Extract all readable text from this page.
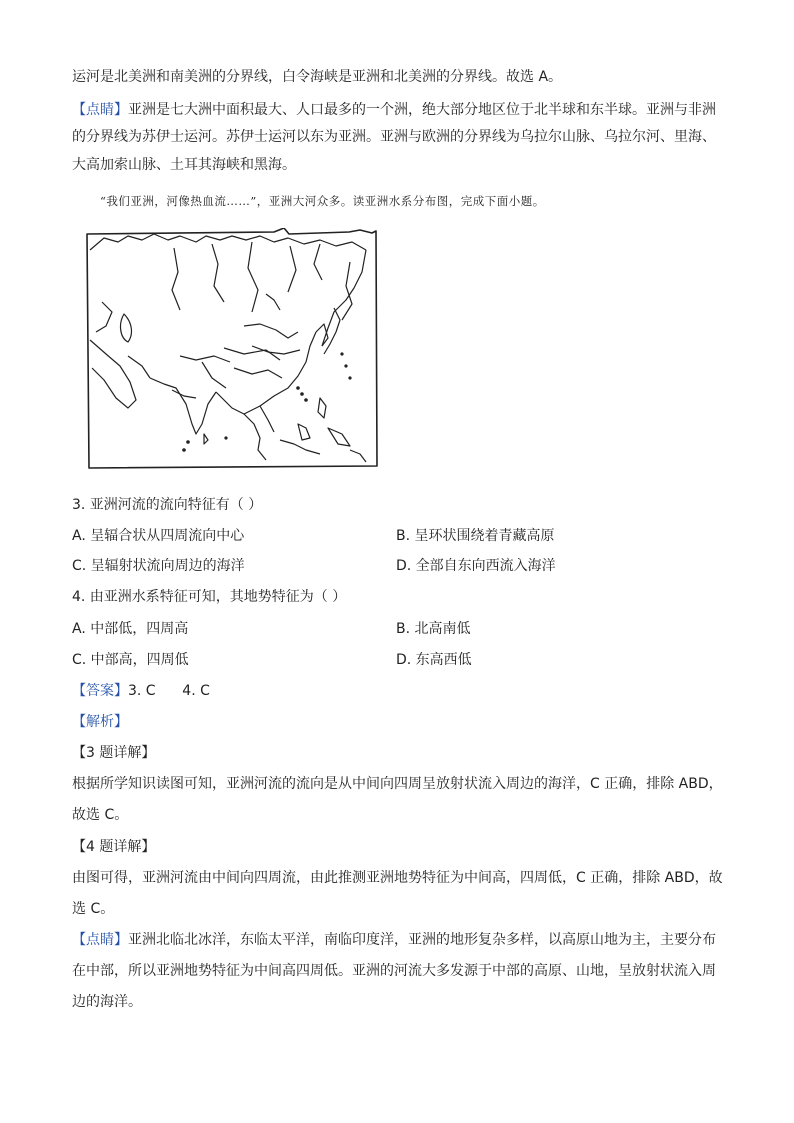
运河是北美洲和南美洲的分界线，白令海峡是亚洲和北美洲的分界线。故选 A。
【点睛】亚洲是七大洲中面积最大、人口最多的一个洲，绝大部分地区位于北半球和东半球。亚洲与非洲
的分界线为苏伊士运河。苏伊士运河以东为亚洲。亚洲与欧洲的分界线为乌拉尔山脉、乌拉尔河、里海、
大高加索山脉、土耳其海峡和黑海。
“我们亚洲，河像热血流……”，亚洲大河众多。读亚洲水系分布图，完成下面小题。
3. 亚洲河流的流向特征有（ ）
A. 呈辐合状从四周流向中心	B. 呈环状围绕着青藏高原
C. 呈辐射状流向周边的海洋	D. 全部自东向西流入海洋
4. 由亚洲水系特征可知，其地势特征为（ ）
A. 中部低，四周高	B. 北高南低
C. 中部高，四周低	D. 东高西低
【答案】3. C      4. C
【解析】
【3 题详解】
根据所学知识读图可知，亚洲河流的流向是从中间向四周呈放射状流入周边的海洋，C 正确，排除 ABD，
故选 C。
【4 题详解】
由图可得，亚洲河流由中间向四周流，由此推测亚洲地势特征为中间高，四周低，C 正确，排除 ABD，故
选 C。
【点睛】亚洲北临北冰洋，东临太平洋，南临印度洋，亚洲的地形复杂多样，以高原山地为主，主要分布
在中部，所以亚洲地势特征为中间高四周低。亚洲的河流大多发源于中部的高原、山地，呈放射状流入周
边的海洋。
